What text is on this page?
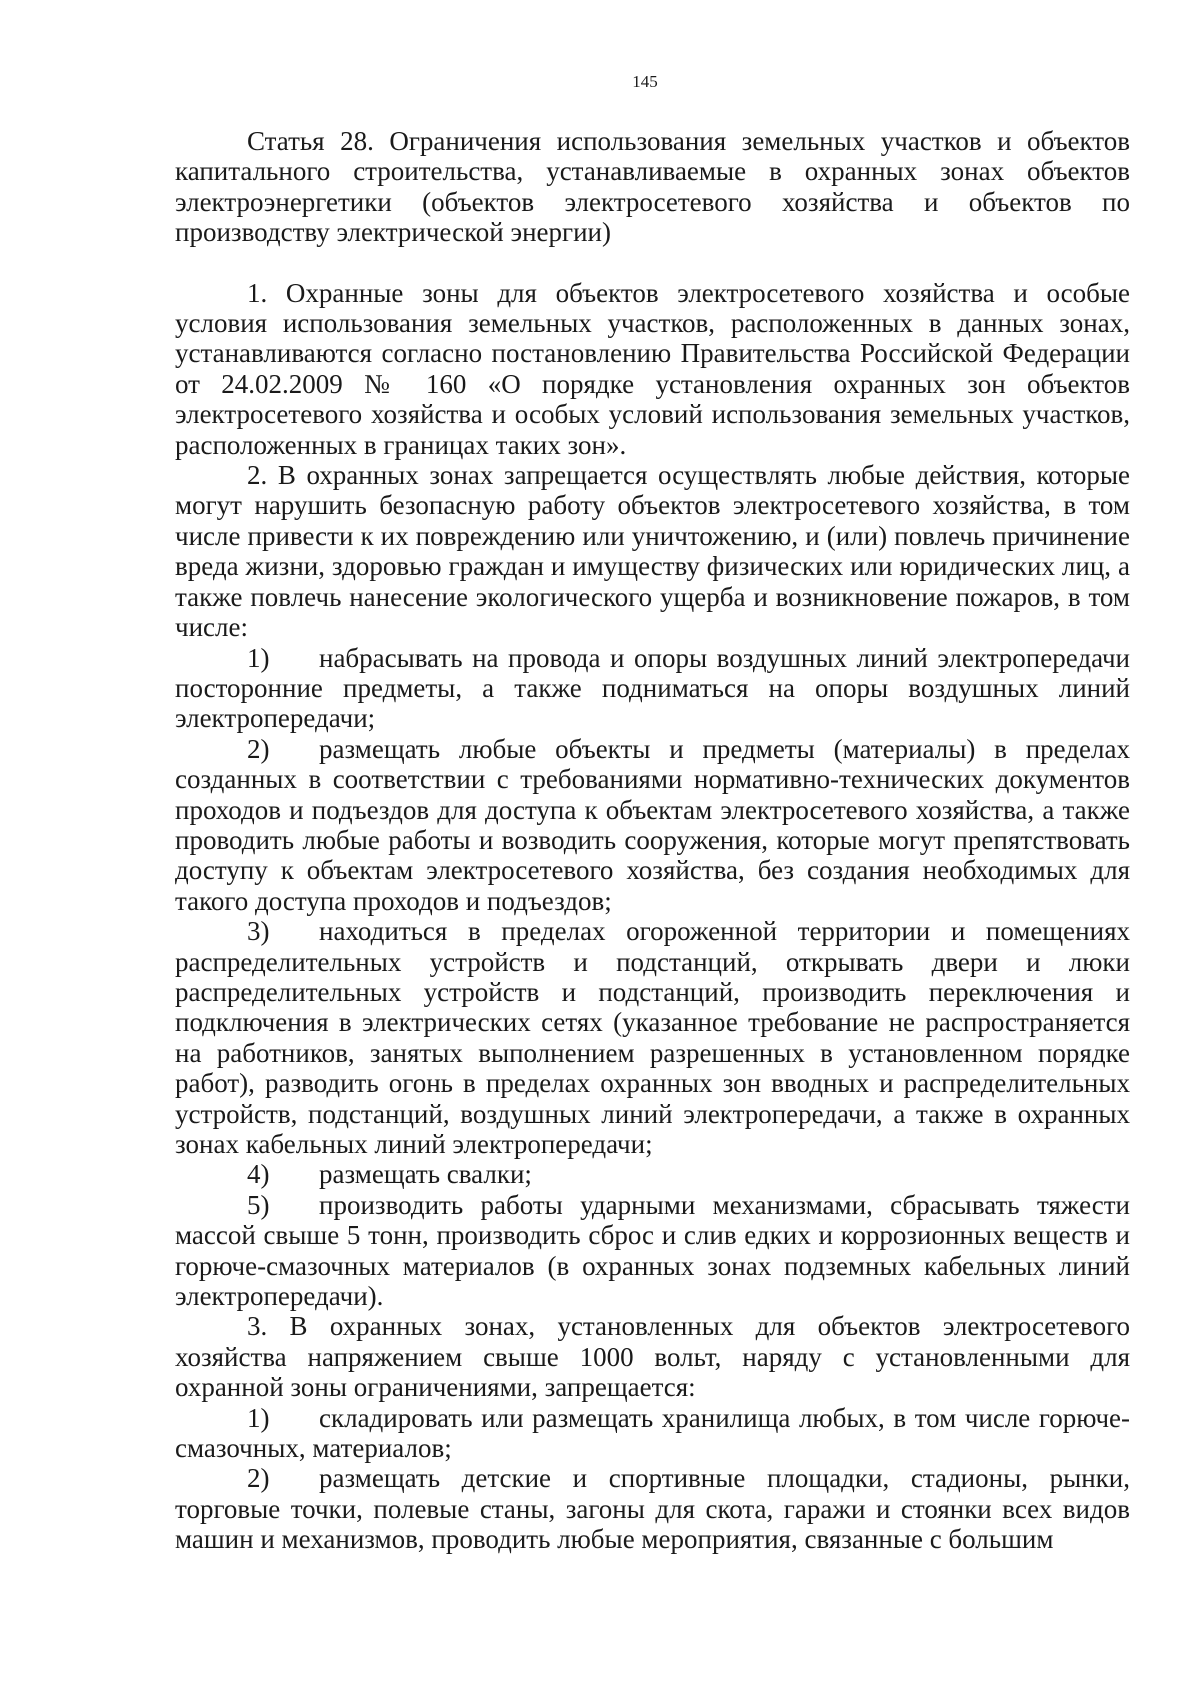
145

Статья 28. Ограничения использования земельных участков и объектов капитального строительства, устанавливаемые в охранных зонах объектов электроэнергетики (объектов электросетевого хозяйства и объектов по производству электрической энергии)

1. Охранные зоны для объектов электросетевого хозяйства и особые условия использования земельных участков, расположенных в данных зонах, устанавливаются согласно постановлению Правительства Российской Федерации от 24.02.2009 № 160 «О порядке установления охранных зон объектов электросетевого хозяйства и особых условий использования земельных участков, расположенных в границах таких зон».

2. В охранных зонах запрещается осуществлять любые действия, которые могут нарушить безопасную работу объектов электросетевого хозяйства, в том числе привести к их повреждению или уничтожению, и (или) повлечь причинение вреда жизни, здоровью граждан и имуществу физических или юридических лиц, а также повлечь нанесение экологического ущерба и возникновение пожаров, в том числе:

1) набрасывать на провода и опоры воздушных линий электропередачи посторонние предметы, а также подниматься на опоры воздушных линий электропередачи;

2) размещать любые объекты и предметы (материалы) в пределах созданных в соответствии с требованиями нормативно-технических документов проходов и подъездов для доступа к объектам электросетевого хозяйства, а также проводить любые работы и возводить сооружения, которые могут препятствовать доступу к объектам электросетевого хозяйства, без создания необходимых для такого доступа проходов и подъездов;

3) находиться в пределах огороженной территории и помещениях распределительных устройств и подстанций, открывать двери и люки распределительных устройств и подстанций, производить переключения и подключения в электрических сетях (указанное требование не распространяется на работников, занятых выполнением разрешенных в установленном порядке работ), разводить огонь в пределах охранных зон вводных и распределительных устройств, подстанций, воздушных линий электропередачи, а также в охранных зонах кабельных линий электропередачи;

4) размещать свалки;

5) производить работы ударными механизмами, сбрасывать тяжести массой свыше 5 тонн, производить сброс и слив едких и коррозионных веществ и горюче-смазочных материалов (в охранных зонах подземных кабельных линий электропередачи).

3. В охранных зонах, установленных для объектов электросетевого хозяйства напряжением свыше 1000 вольт, наряду с установленными для охранной зоны ограничениями, запрещается:

1) складировать или размещать хранилища любых, в том числе горюче-смазочных, материалов;

2) размещать детские и спортивные площадки, стадионы, рынки, торговые точки, полевые станы, загоны для скота, гаражи и стоянки всех видов машин и механизмов, проводить любые мероприятия, связанные с большим
